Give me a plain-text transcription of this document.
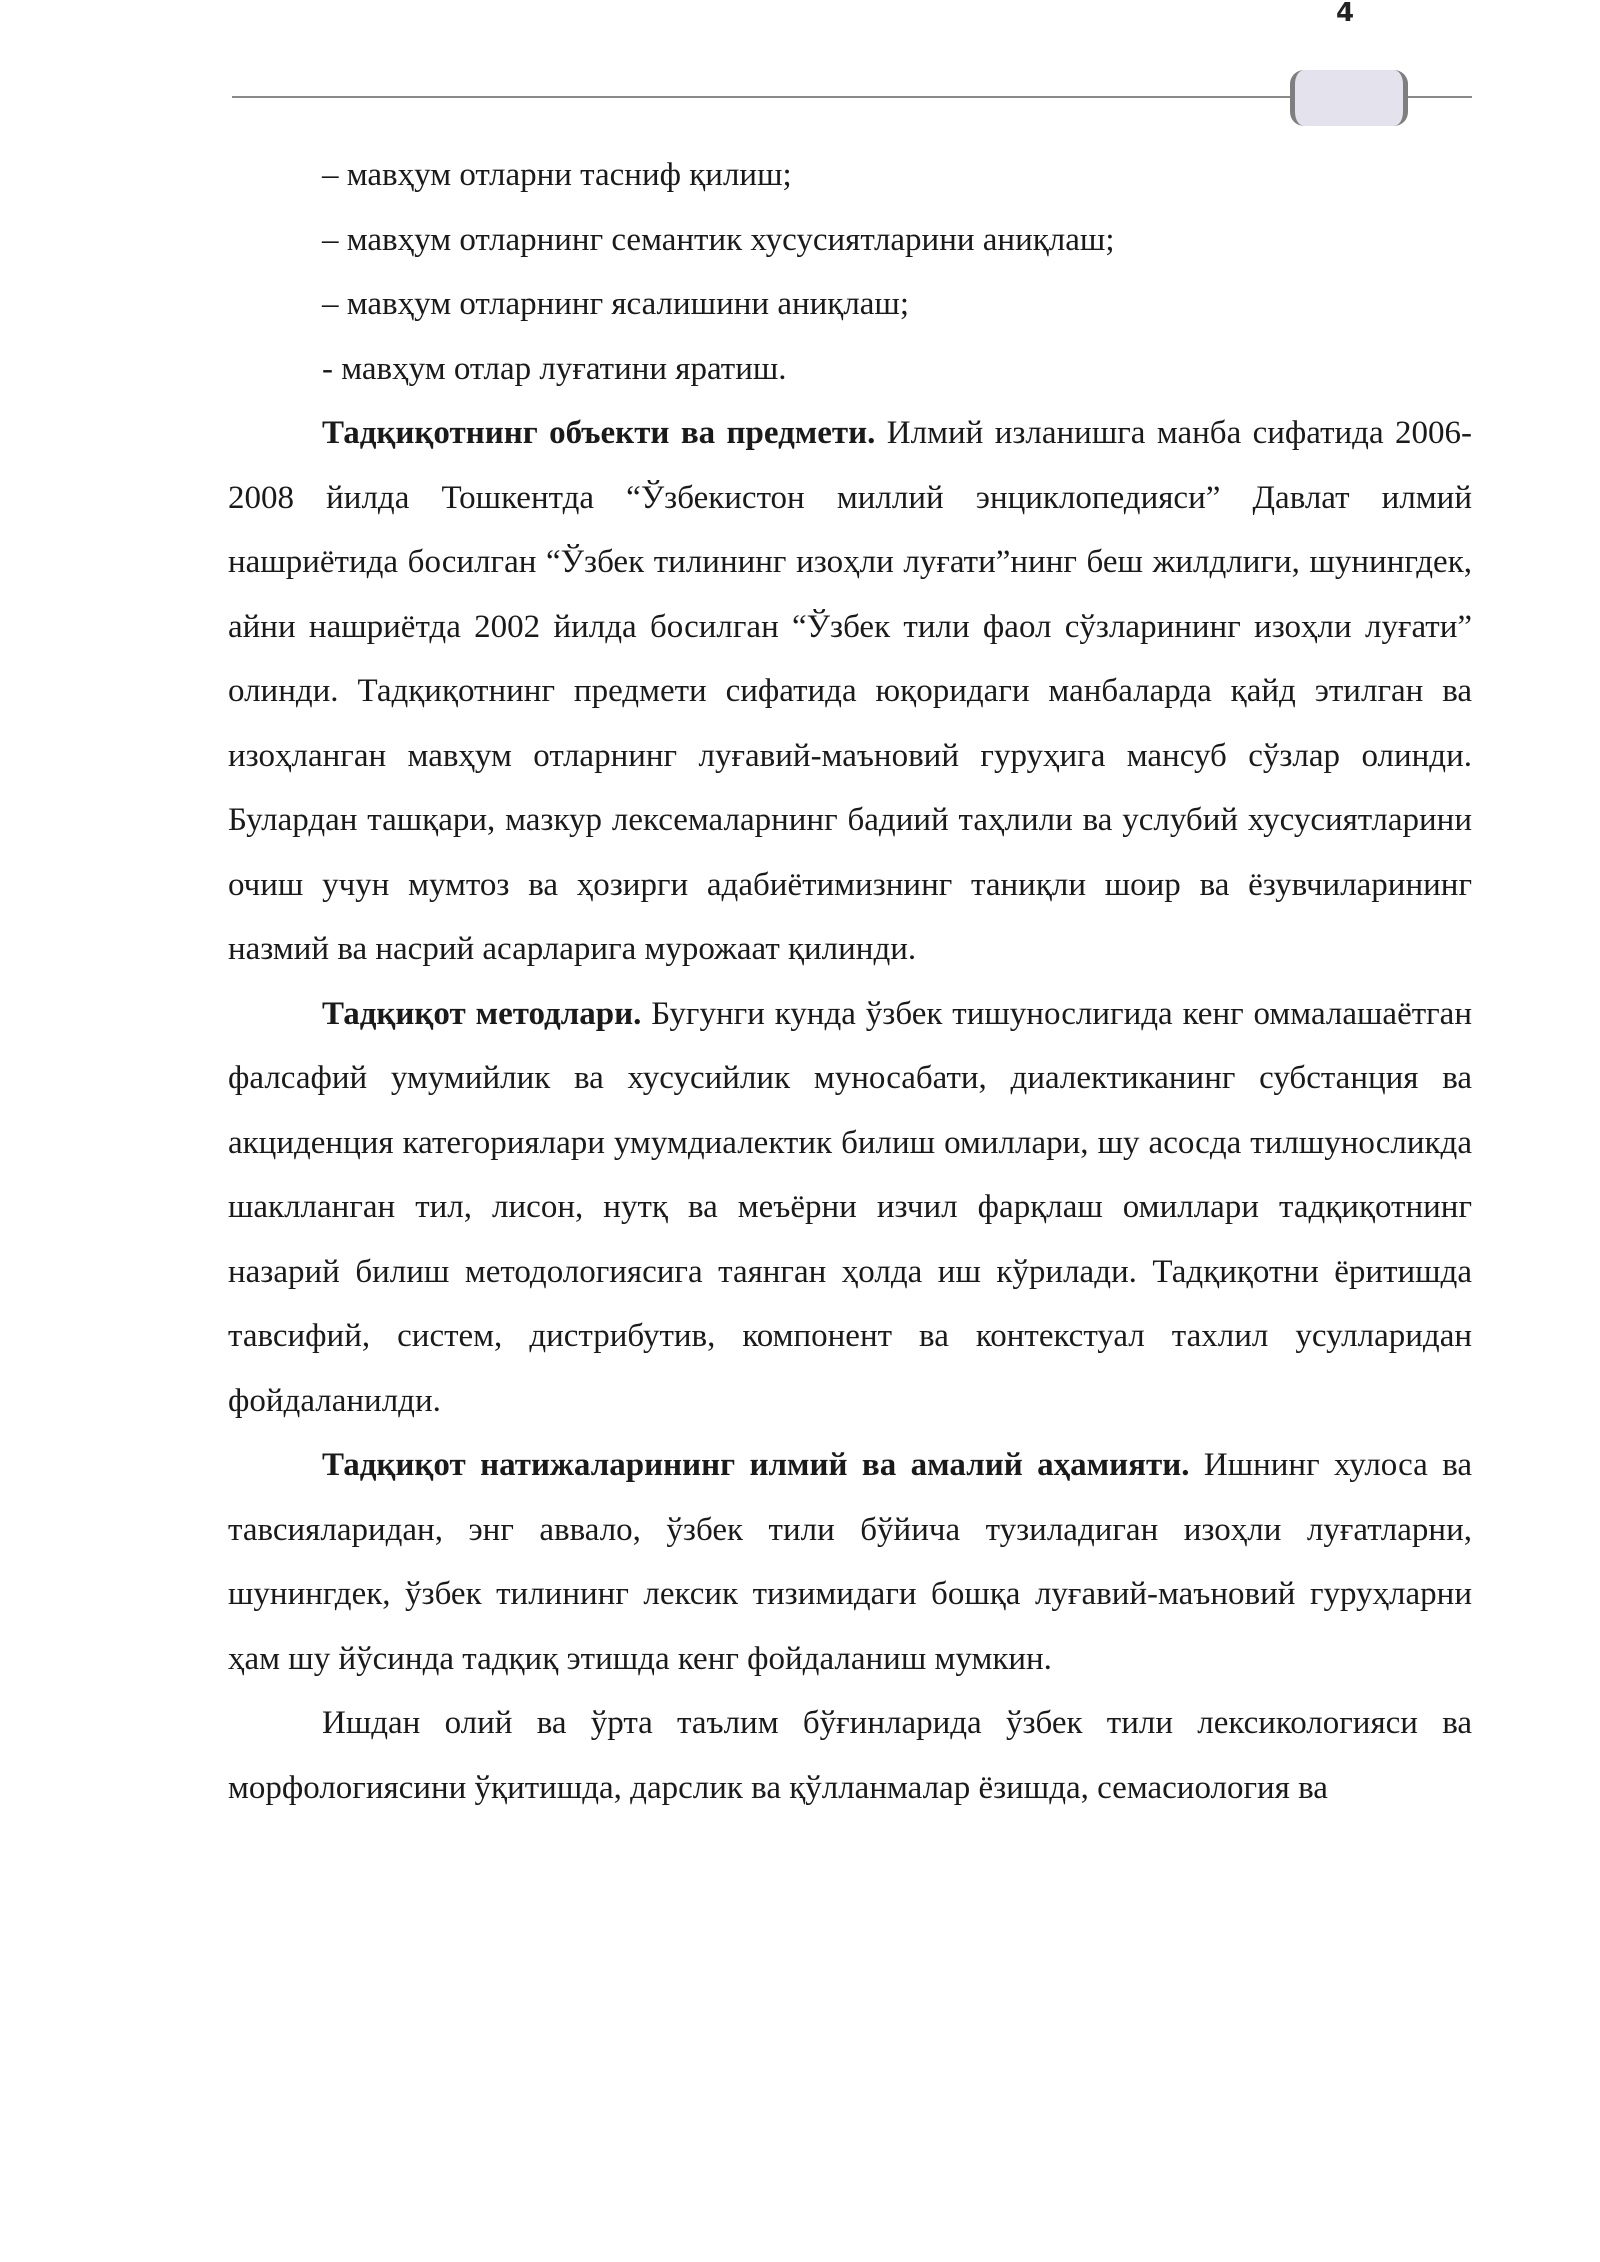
4

– мавҳум отларни тасниф қилиш;

– мавҳум отларнинг семантик хусусиятларини аниқлаш;

– мавҳум отларнинг ясалишини аниқлаш;

- мавҳум отлар луғатини яратиш.

Тадқиқотнинг объекти ва предмети. Илмий изланишга манба сифатида 2006-2008 йилда Тошкентда “Ўзбекистон миллий энциклопедияси” Давлат илмий нашриётида босилган “Ўзбек тилининг изоҳли луғати”нинг беш жилдлиги, шунингдек, айни нашриётда 2002 йилда босилган “Ўзбек тили фаол сўзларининг изоҳли луғати” олинди. Тадқиқотнинг предмети сифатида юқоридаги манбаларда қайд этилган ва изоҳланган мавҳум отларнинг луғавий-маъновий гуруҳига мансуб сўзлар олинди. Булардан ташқари, мазкур лексемаларнинг бадиий таҳлили ва услубий хусусиятларини очиш учун мумтоз ва ҳозирги адабиётимизнинг таниқли шоир ва ёзувчиларининг назмий ва насрий асарларига мурожаат қилинди.

Тадқиқот методлари. Бугунги кунда ўзбек тишунослигида кенг оммалашаётган фалсафий умумийлик ва хусусийлик муносабати, диалектиканинг субстанция ва акциденция категориялари умумдиалектик билиш омиллари, шу асосда тилшуносликда шаклланган тил, лисон, нутқ ва меъёрни изчил фарқлаш омиллари тадқиқотнинг назарий билиш методологиясига таянган ҳолда иш кўрилади. Тадқиқотни ёритишда тавсифий, систем, дистрибутив, компонент ва контекстуал тахлил усулларидан фойдаланилди.

Тадқиқот натижаларининг илмий ва амалий аҳамияти. Ишнинг хулоса ва тавсияларидан, энг аввало, ўзбек тили бўйича тузиладиган изоҳли луғатларни, шунингдек, ўзбек тилининг лексик тизимидаги бошқа луғавий-маъновий гуруҳларни ҳам шу йўсинда тадқиқ этишда кенг фойдаланиш мумкин.

Ишдан олий ва ўрта таълим бўғинларида ўзбек тили лексикологияси ва морфологиясини ўқитишда, дарслик ва қўлланмалар ёзишда, семасиология ва
